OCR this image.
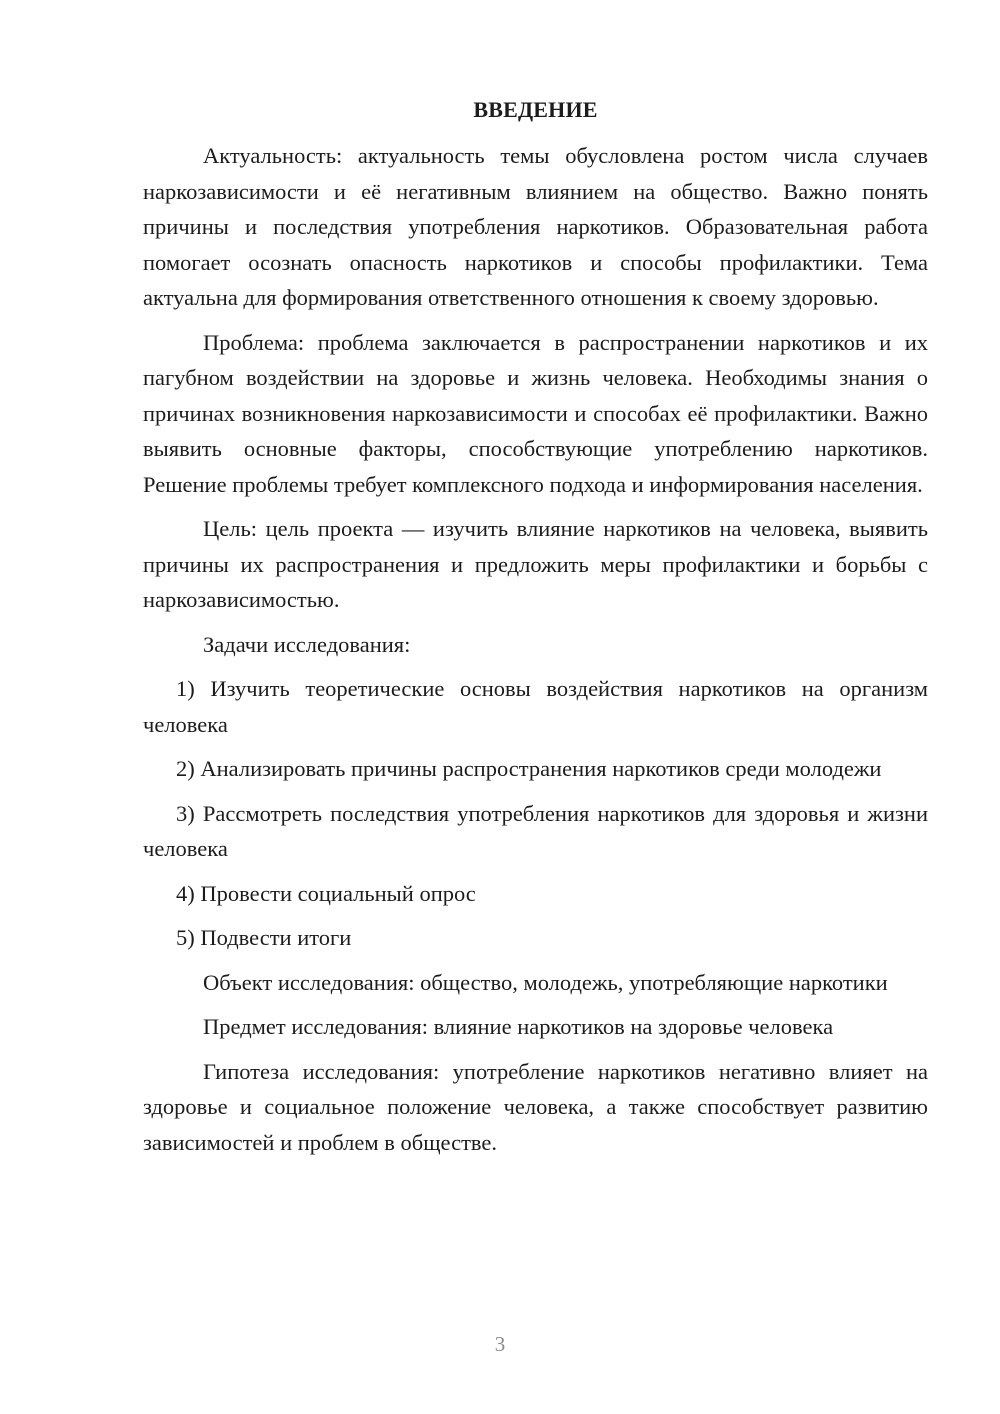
ВВЕДЕНИЕ

Актуальность: актуальность темы обусловлена ростом числа случаев наркозависимости и её негативным влиянием на общество. Важно понять причины и последствия употребления наркотиков. Образовательная работа помогает осознать опасность наркотиков и способы профилактики. Тема актуальна для формирования ответственного отношения к своему здоровью.

Проблема: проблема заключается в распространении наркотиков и их пагубном воздействии на здоровье и жизнь человека. Необходимы знания о причинах возникновения наркозависимости и способах её профилактики. Важно выявить основные факторы, способствующие употреблению наркотиков. Решение проблемы требует комплексного подхода и информирования населения.

Цель: цель проекта — изучить влияние наркотиков на человека, выявить причины их распространения и предложить меры профилактики и борьбы с наркозависимостью.

Задачи исследования:

1) Изучить теоретические основы воздействия наркотиков на организм человека

2) Анализировать причины распространения наркотиков среди молодежи

3) Рассмотреть последствия употребления наркотиков для здоровья и жизни человека

4) Провести социальный опрос

5) Подвести итоги

Объект исследования: общество, молодежь, употребляющие наркотики

Предмет исследования: влияние наркотиков на здоровье человека

Гипотеза исследования: употребление наркотиков негативно влияет на здоровье и социальное положение человека, а также способствует развитию зависимостей и проблем в обществе.

3
